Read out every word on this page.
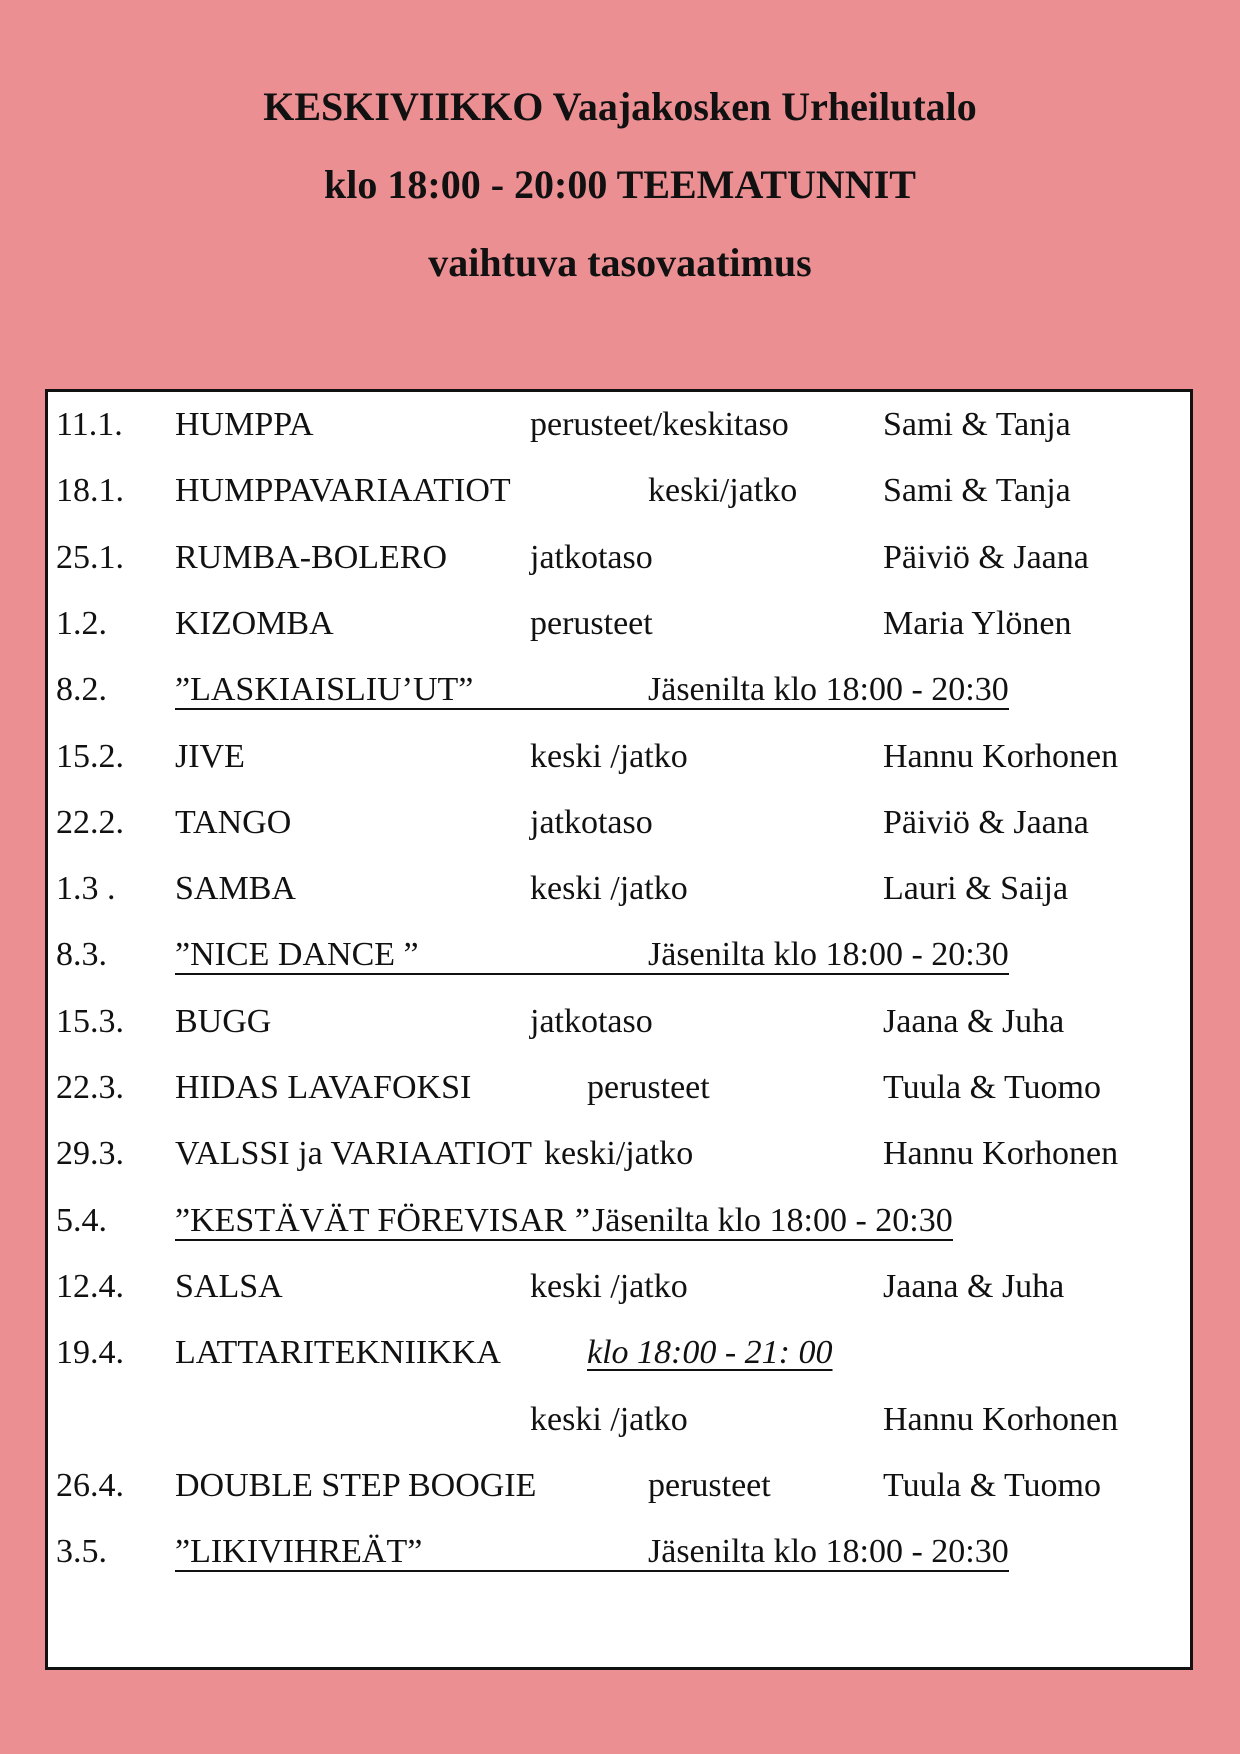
KESKIVIIKKO Vaajakosken Urheilutalo
klo 18:00 - 20:00 TEEMATUNNIT
vaihtuva tasovaatimus
11.1. HUMPPA	perusteet/keskitaso	Sami & Tanja
18.1. HUMPPAVARIAATIOT	keski/jatko	Sami & Tanja
25.1. RUMBA-BOLERO jatkotaso	Päiviö & Jaana
1.2. KIZOMBA	perusteet	Maria Ylönen
8.2. ”LASKIAISLIU’UT”	Jäsenilta klo 18:00 - 20:30
15.2. JIVE	keski /jatko	Hannu Korhonen
22.2. TANGO	jatkotaso	Päiviö & Jaana
1.3 . SAMBA	keski /jatko	Lauri & Saija
8.3. ”NICE DANCE ”	Jäsenilta klo 18:00 - 20:30
15.3. BUGG	jatkotaso	Jaana & Juha
22.3. HIDAS LAVAFOKSI	perusteet	Tuula & Tuomo
29.3. VALSSI ja VARIAATIOT keski/jatko	Hannu Korhonen
5.4. ”KESTÄVÄT FÖREVISAR ” Jäsenilta klo 18:00 - 20:30
12.4. SALSA	keski /jatko	Jaana & Juha
19.4. LATTARITEKNIIKKA	klo 18:00 - 21: 00
keski /jatko	Hannu Korhonen
26.4. DOUBLE STEP BOOGIE	perusteet	Tuula & Tuomo
3.5. ”LIKIVIHREÄT”	Jäsenilta klo 18:00 - 20:30
